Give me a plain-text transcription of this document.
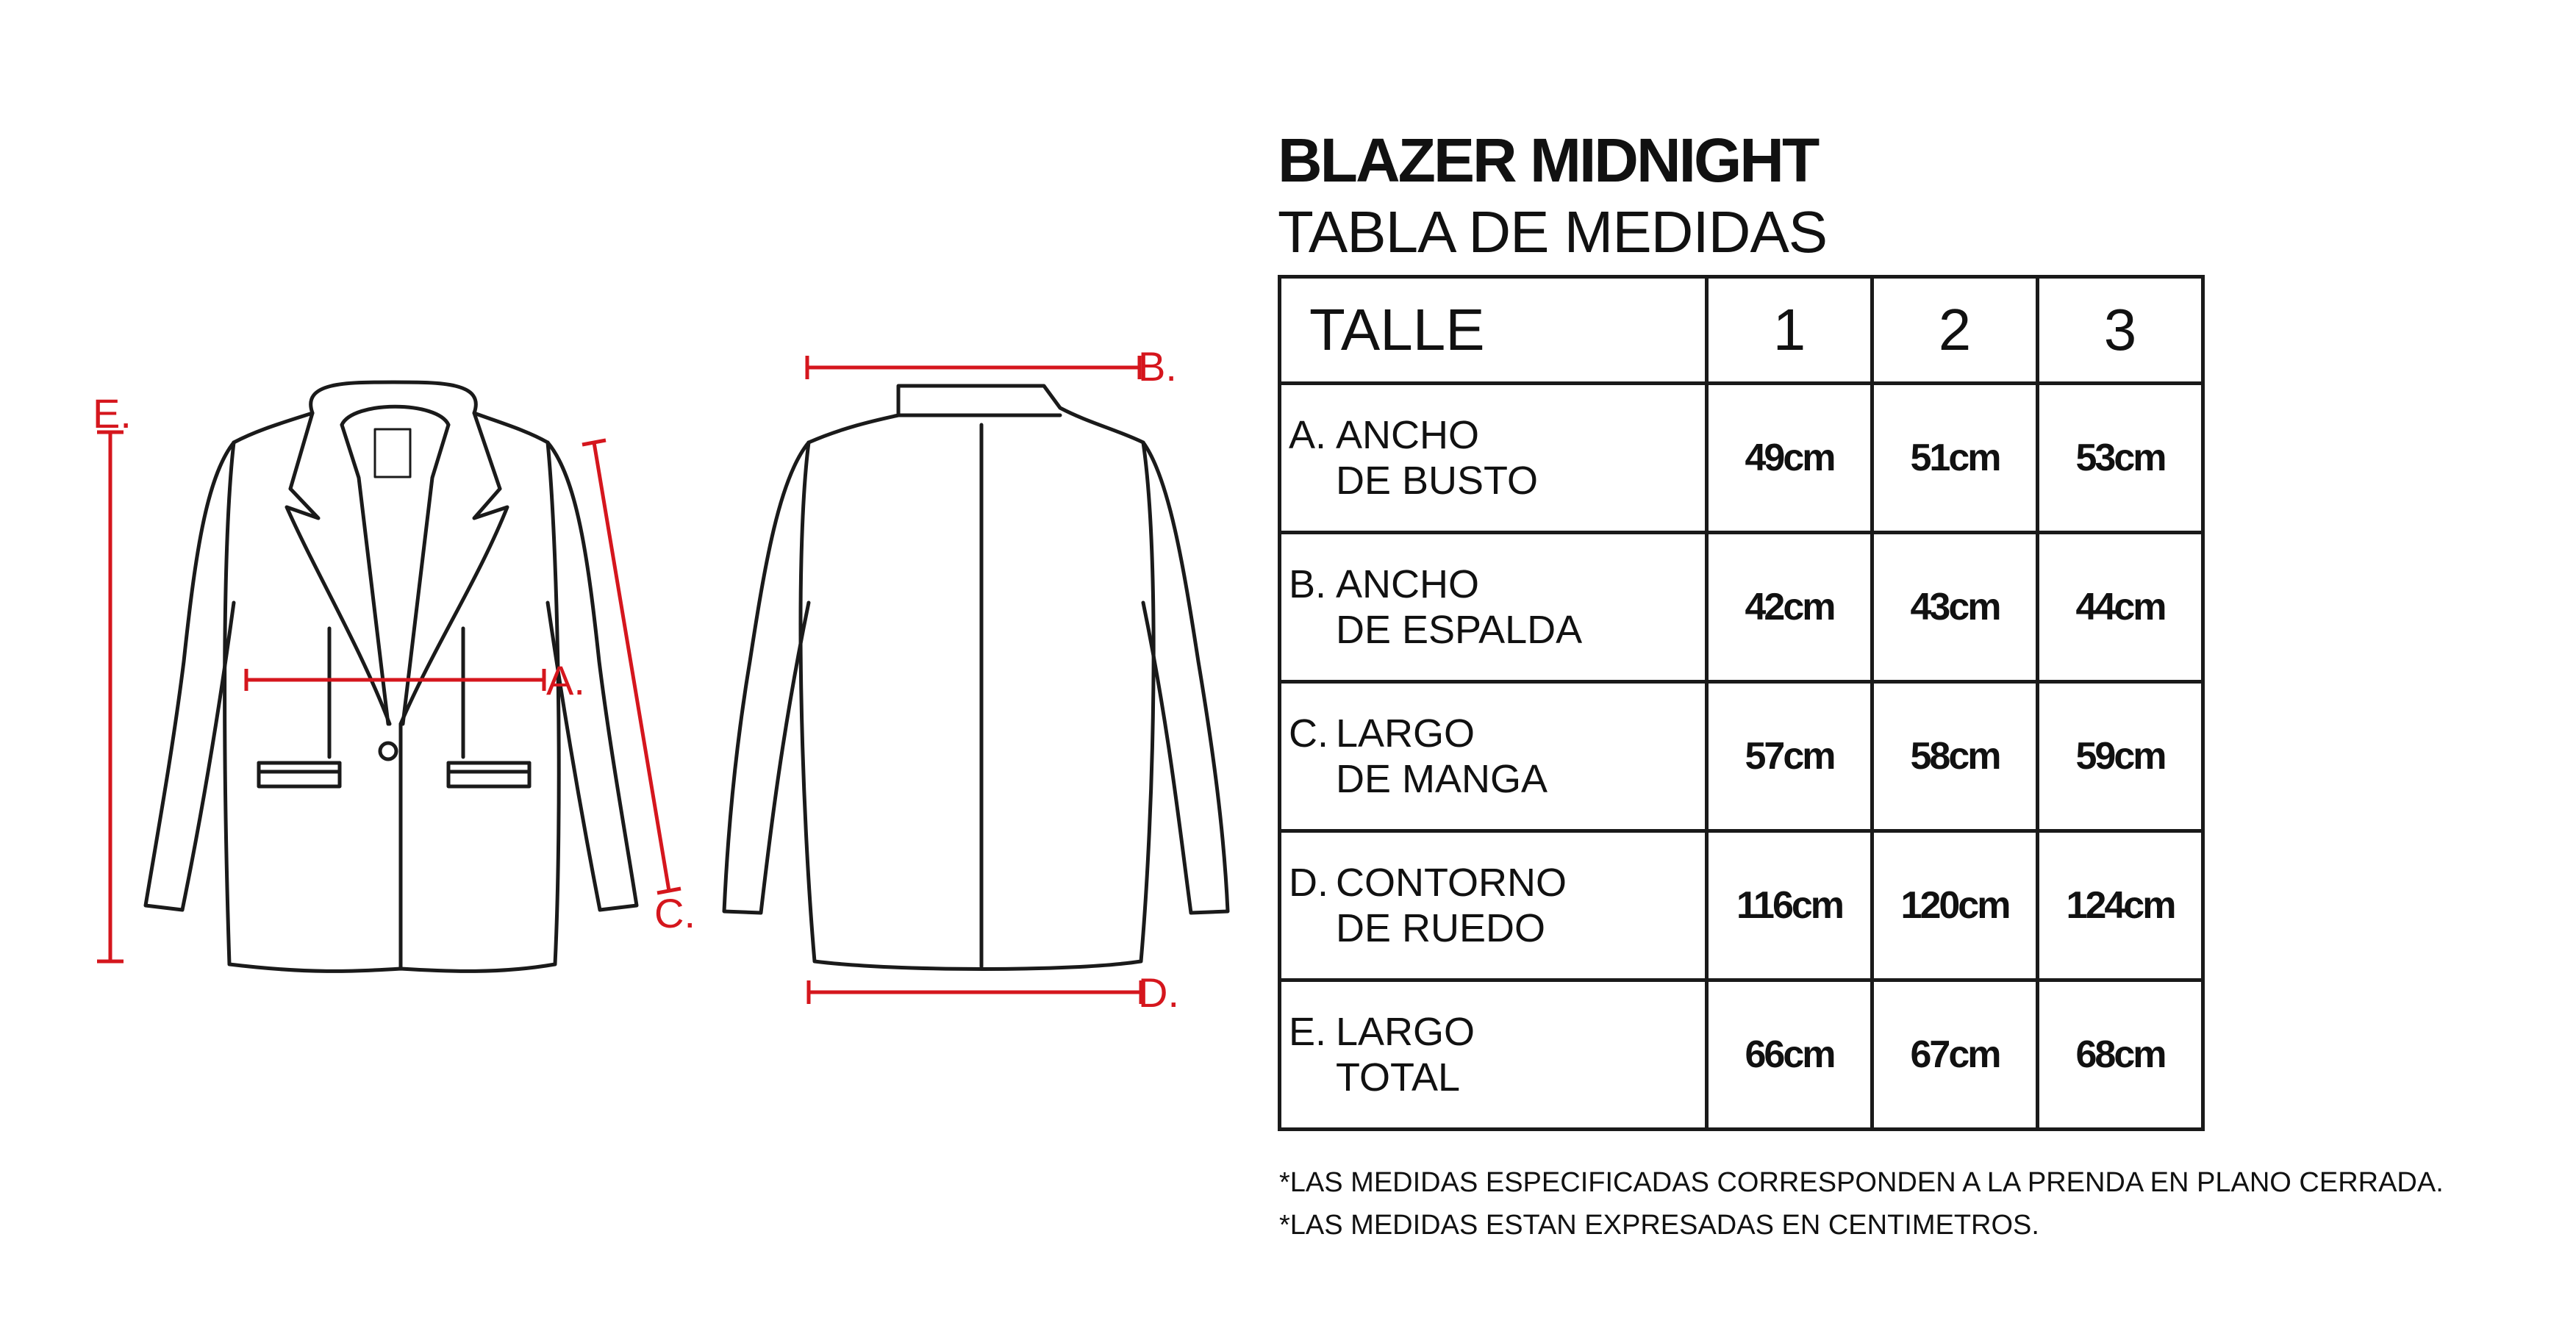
E.
A.
B.
C.
D.
BLAZER MIDNIGHT
TABLA DE MEDIDAS
TALLE	1	2	3

A. ANCHO
DE BUSTO	49cm	51cm	53cm

B. ANCHO
DE ESPALDA	42cm	43cm	44cm

C. LARGO
DE MANGA	57cm	58cm	59cm

D. CONTORNO
DE RUEDO	116cm	120cm	124cm

E. LARGO
TOTAL	66cm	67cm	68cm
*LAS MEDIDAS ESPECIFICADAS CORRESPONDEN A LA PRENDA EN PLANO CERRADA.
*LAS MEDIDAS ESTAN EXPRESADAS EN CENTIMETROS.
